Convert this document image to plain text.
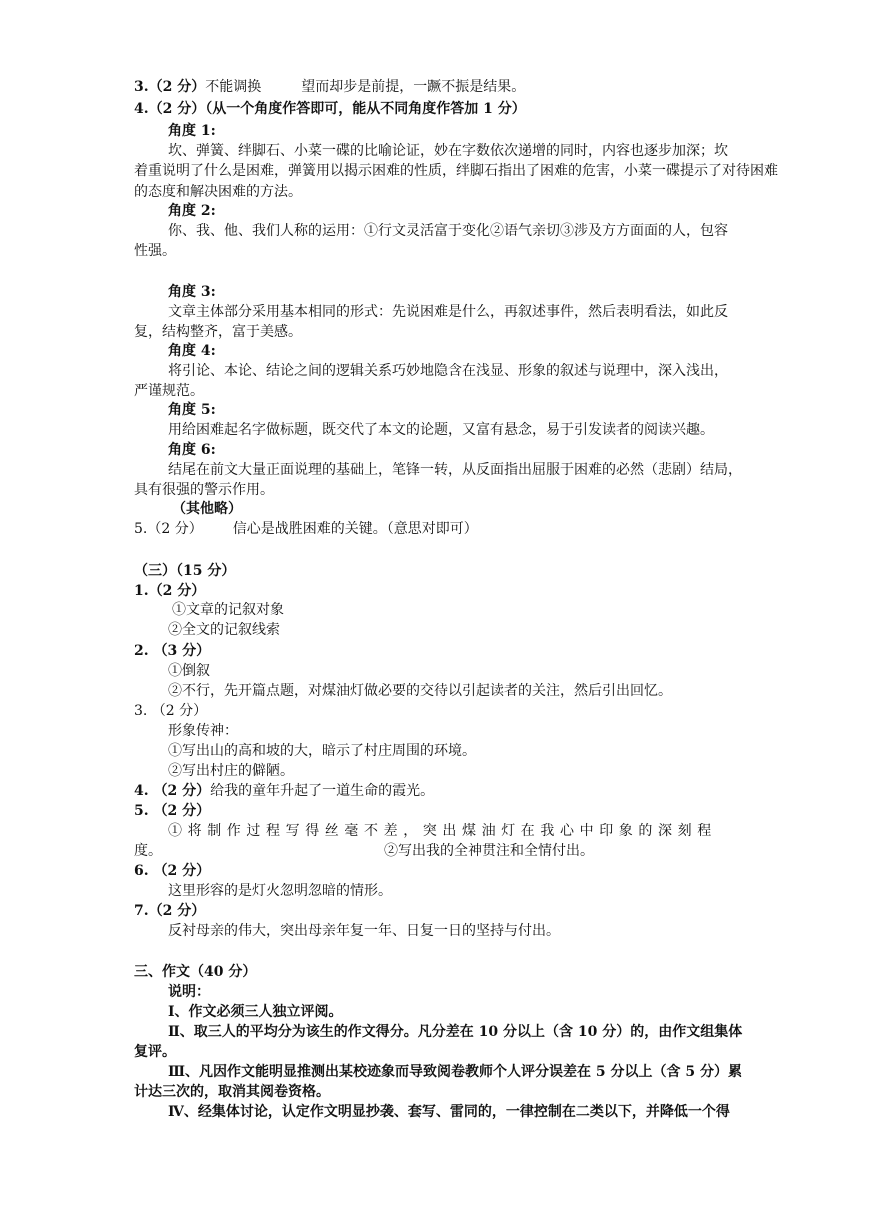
3.（2 分）不能调换	望而却步是前提，一蹶不振是结果。
4.（2 分）（从一个角度作答即可，能从不同角度作答加 1 分）
角度 1:
坎、弹簧、绊脚石、小菜一碟的比喻论证，妙在字数依次递增的同时，内容也逐步加深；坎
着重说明了什么是困难，弹簧用以揭示困难的性质，绊脚石指出了困难的危害，小菜一碟提示了对待困难的态度和解决困难的方法。
角度 2:
你、我、他、我们人称的运用：①行文灵活富于变化②语气亲切③涉及方方面面的人，包容
性强。
角度 3:
文章主体部分采用基本相同的形式：先说困难是什么，再叙述事件，然后表明看法，如此反
复，结构整齐，富于美感。
角度 4:
将引论、本论、结论之间的逻辑关系巧妙地隐含在浅显、形象的叙述与说理中，深入浅出，
严谨规范。
角度 5:
用给困难起名字做标题，既交代了本文的论题，又富有悬念，易于引发读者的阅读兴趣。
角度 6:
结尾在前文大量正面说理的基础上，笔锋一转，从反面指出屈服于困难的必然（悲剧）结局，
具有很强的警示作用。
（其他略）
5.（2 分） 信心是战胜困难的关键。（意思对即可）
（三）（15 分）
1.（2 分）
①文章的记叙对象
②全文的记叙线索
2. （3 分）
①倒叙
②不行，先开篇点题，对煤油灯做必要的交待以引起读者的关注，然后引出回忆。
3. （2 分）
形象传神：
①写出山的高和坡的大，暗示了村庄周围的环境。
②写出村庄的僻陋。
4. （2 分）给我的童年升起了一道生命的霞光。
5. （2 分）
①将制作过程写得丝毫不差，突出煤油灯在我心中印象的深刻程
度。	②写出我的全神贯注和全情付出。
6. （2 分）
这里形容的是灯火忽明忽暗的情形。
7.（2 分）
反衬母亲的伟大，突出母亲年复一年、日复一日的坚持与付出。
三、作文（40 分）
说明：
Ⅰ、作文必须三人独立评阅。
Ⅱ、取三人的平均分为该生的作文得分。凡分差在 10 分以上（含 10 分）的，由作文组集体
复评。
Ⅲ、凡因作文能明显推测出某校迹象而导致阅卷教师个人评分误差在 5 分以上（含 5 分）累
计达三次的，取消其阅卷资格。
Ⅳ、经集体讨论，认定作文明显抄袭、套写、雷同的，一律控制在二类以下，并降低一个得
